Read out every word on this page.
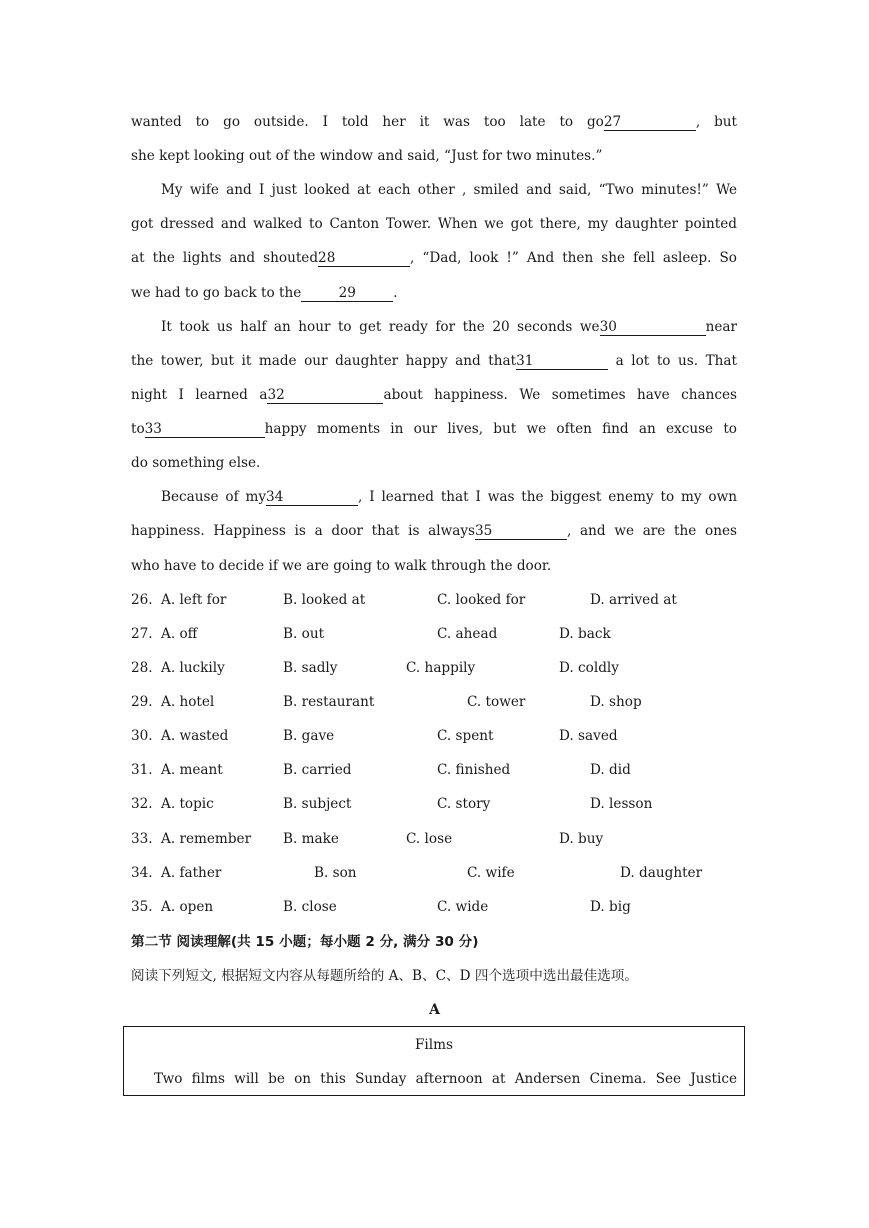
wanted to go outside. I told her it was too late to go27	, but
she kept looking out of the window and said, “Just for two minutes.”
My wife and I just looked at each other , smiled and said, “Two minutes!” We
got dressed and walked to Canton Tower. When we got there, my daughter pointed
at the lights and shouted28	, “Dad, look !” And then she fell asleep. So
we had to go back to the	29	.
It took us half an hour to get ready for the 20 seconds we30	near
the tower, but it made our daughter happy and that31	a lot to us. That
night I learned a32	about happiness. We sometimes have chances
to33	happy moments in our lives, but we often find an excuse to
do something else.
Because of my34	, I learned that I was the biggest enemy to my own
happiness. Happiness is a door that is always35	, and we are the ones
who have to decide if we are going to walk through the door.
26. A. left for	B. looked at	C. looked for	D. arrived at
27. A. off	B. out	C. ahead	D. back
28. A. luckily	B. sadly	C. happily	D. coldly
29. A. hotel	B. restaurant	C. tower	D. shop
30. A. wasted	B. gave	C. spent	D. saved
31. A. meant	B. carried	C. finished	D. did
32. A. topic	B. subject	C. story	D. lesson
33. A. remember B. make	C. lose	D. buy
34. A. father	B. son	C. wife	D. daughter
35. A. open	B. close	C. wide	D. big
第二节 阅读理解(共 15 小题；每小题 2 分, 满分 30 分)
阅读下列短文, 根据短文内容从每题所给的 A、B、C、D 四个选项中选出最佳选项。
A
Films
Two films will be on this Sunday afternoon at Andersen Cinema. See Justice
